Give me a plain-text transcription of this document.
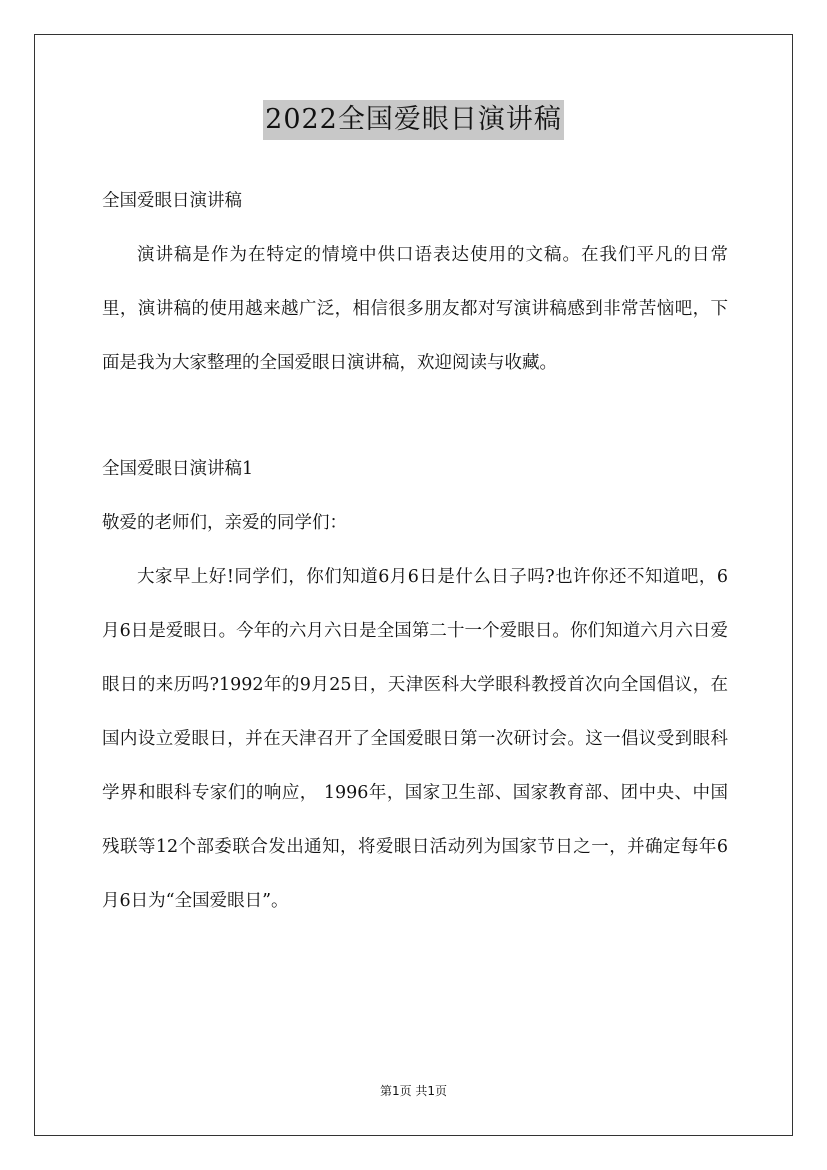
2022全国爱眼日演讲稿

全国爱眼日演讲稿

演讲稿是作为在特定的情境中供口语表达使用的文稿。在我们平凡的日常里，演讲稿的使用越来越广泛，相信很多朋友都对写演讲稿感到非常苦恼吧，下面是我为大家整理的全国爱眼日演讲稿，欢迎阅读与收藏。

全国爱眼日演讲稿1

敬爱的老师们，亲爱的同学们：

大家早上好!同学们，你们知道6月6日是什么日子吗?也许你还不知道吧，6月6日是爱眼日。今年的六月六日是全国第二十一个爱眼日。你们知道六月六日爱眼日的来历吗?1992年的9月25日，天津医科大学眼科教授首次向全国倡议，在国内设立爱眼日，并在天津召开了全国爱眼日第一次研讨会。这一倡议受到眼科学界和眼科专家们的响应， 1996年，国家卫生部、国家教育部、团中央、中国残联等12个部委联合发出通知，将爱眼日活动列为国家节日之一，并确定每年6月6日为“全国爱眼日”。

第1页 共1页
